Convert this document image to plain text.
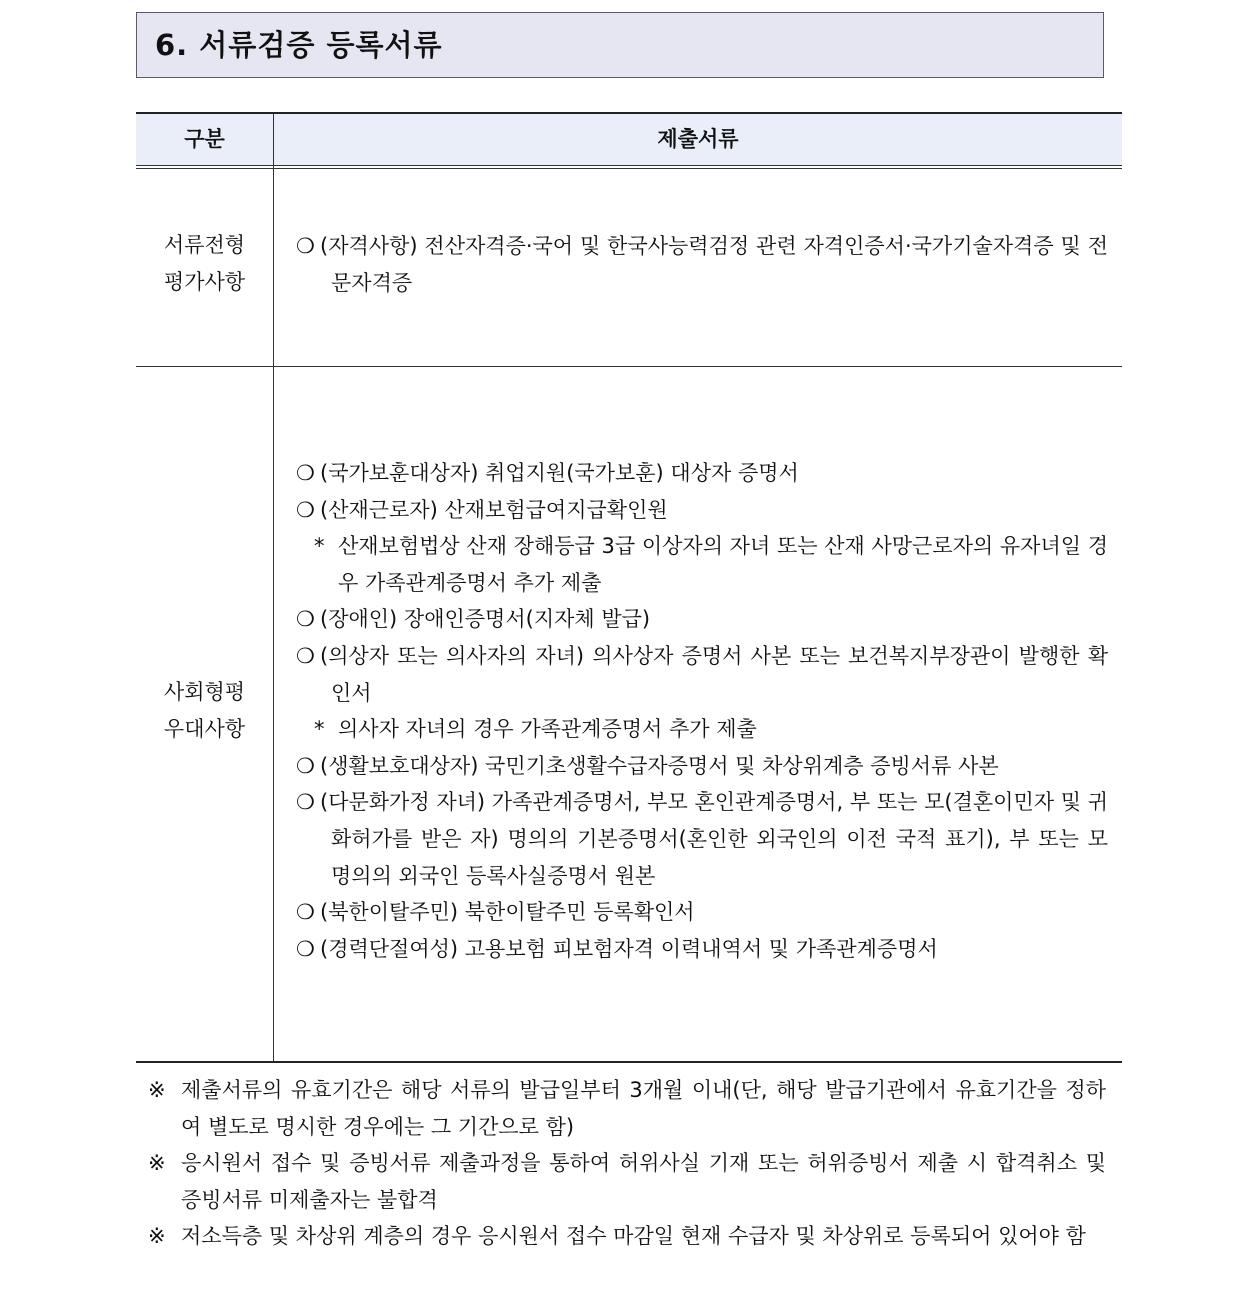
6. 서류검증 등록서류
구분	제출서류
서류전형
평가사항
❍ (자격사항) 전산자격증·국어 및 한국사능력검정 관련 자격인증서·국가기술자격증 및 전문자격증
사회형평
우대사항
❍ (국가보훈대상자) 취업지원(국가보훈) 대상자 증명서
❍ (산재근로자) 산재보험급여지급확인원
* 산재보험법상 산재 장해등급 3급 이상자의 자녀 또는 산재 사망근로자의 유자녀일 경우 가족관계증명서 추가 제출
❍ (장애인) 장애인증명서(지자체 발급)
❍ (의상자 또는 의사자의 자녀) 의사상자 증명서 사본 또는 보건복지부장관이 발행한 확인서
* 의사자 자녀의 경우 가족관계증명서 추가 제출
❍ (생활보호대상자) 국민기초생활수급자증명서 및 차상위계층 증빙서류 사본
❍ (다문화가정 자녀) 가족관계증명서, 부모 혼인관계증명서, 부 또는 모(결혼이민자 및 귀화허가를 받은 자) 명의의 기본증명서(혼인한 외국인의 이전 국적 표기), 부 또는 모 명의의 외국인 등록사실증명서 원본
❍ (북한이탈주민) 북한이탈주민 등록확인서
❍ (경력단절여성) 고용보험 피보험자격 이력내역서 및 가족관계증명서
※ 제출서류의 유효기간은 해당 서류의 발급일부터 3개월 이내(단, 해당 발급기관에서 유효기간을 정하여 별도로 명시한 경우에는 그 기간으로 함)
※ 응시원서 접수 및 증빙서류 제출과정을 통하여 허위사실 기재 또는 허위증빙서 제출 시 합격취소 및 증빙서류 미제출자는 불합격
※ 저소득층 및 차상위 계층의 경우 응시원서 접수 마감일 현재 수급자 및 차상위로 등록되어 있어야 함
